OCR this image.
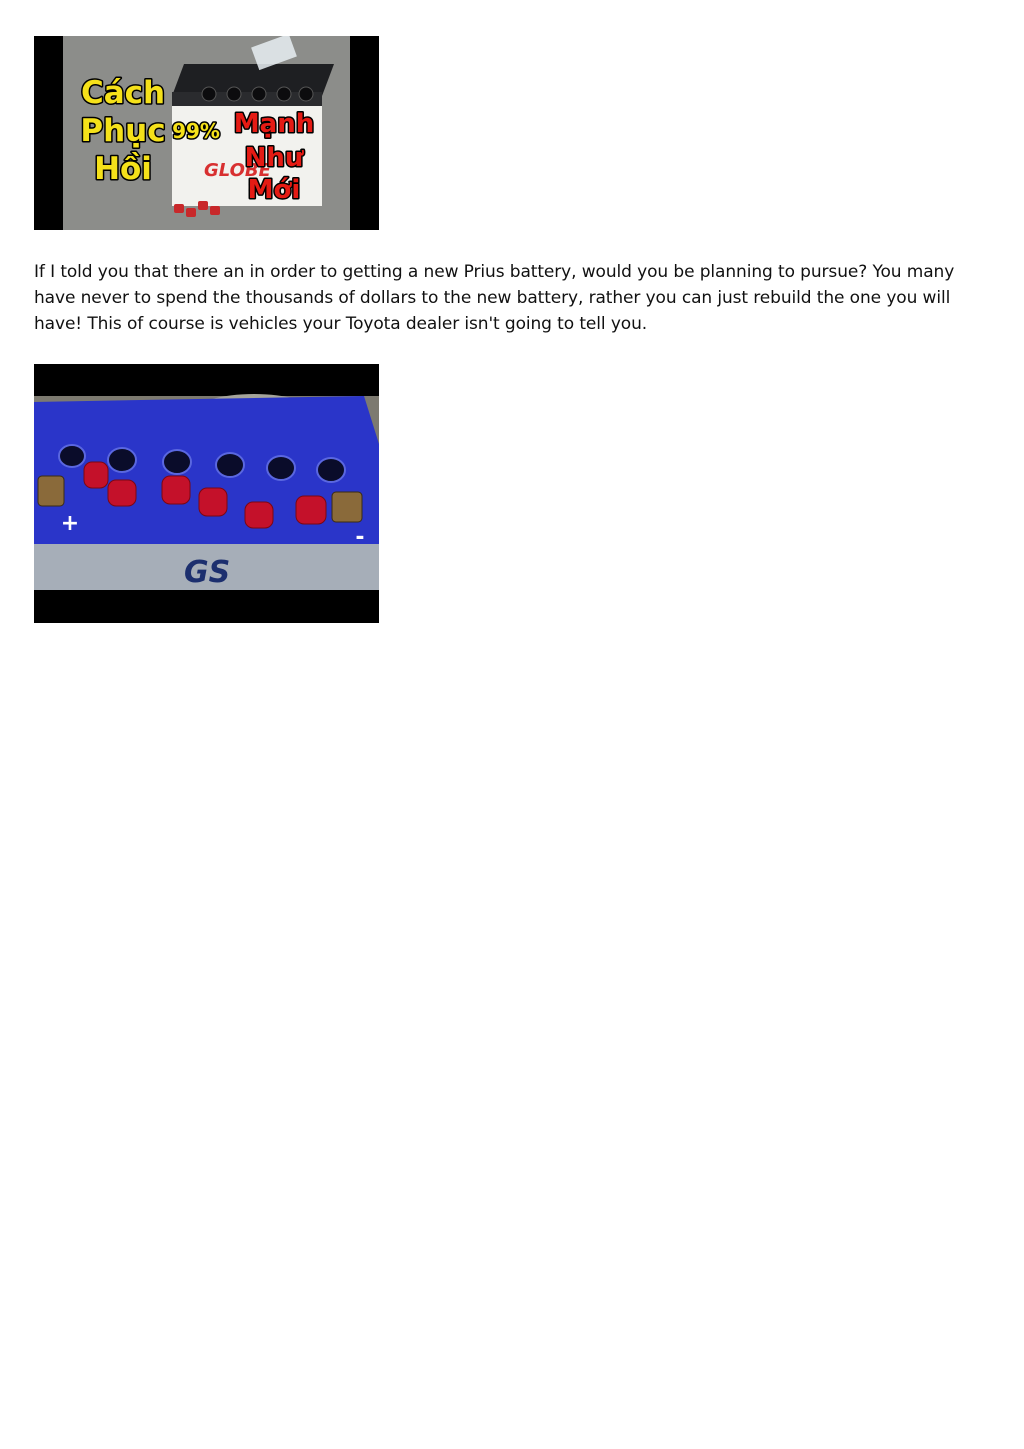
GLOBE
Cách
Phục
Hồi
99% Mạnh
Như
Mới

If I told you that there an in order to getting a new Prius battery, would you be planning to pursue? You many have never to spend the thousands of dollars to the new battery, rather you can just rebuild the one you will have! This of course is vehicles your Toyota dealer isn't going to tell you.

GS
+
-
